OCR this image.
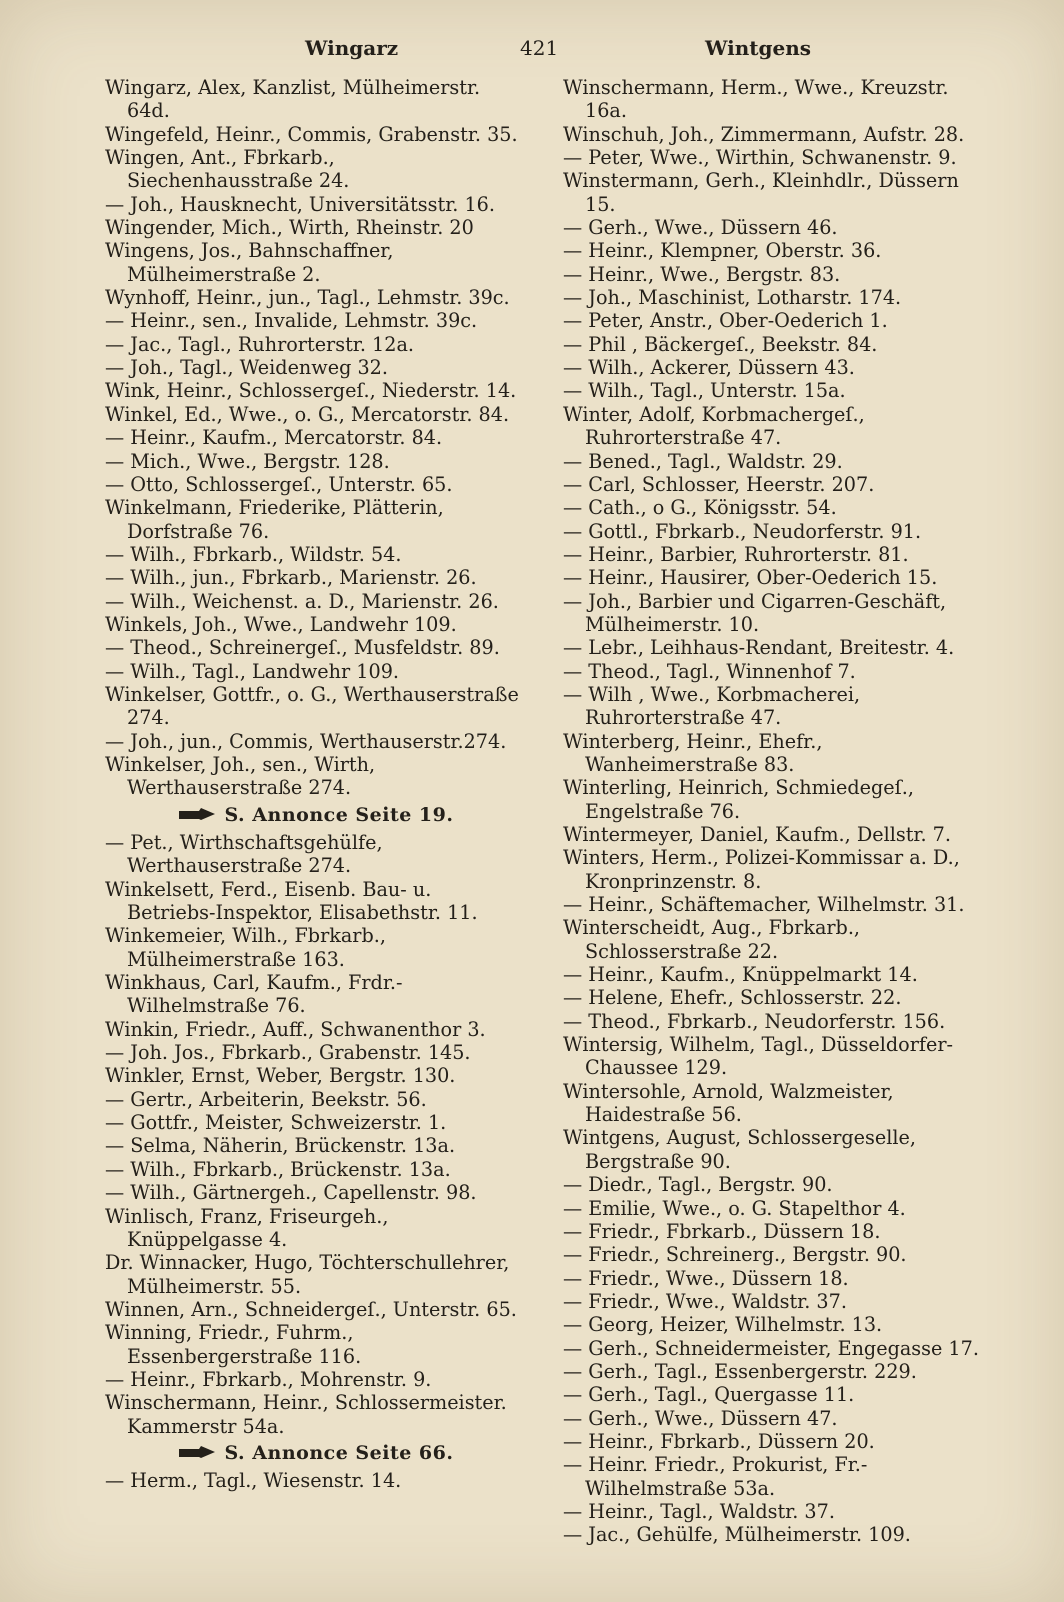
Wingarz	421	Wintgens
Wingarz, Alex, Kanzlist, Mülheimerstr. 64d.
Wingefeld, Heinr., Commis, Grabenstr. 35.
Wingen, Ant., Fbrkarb., Siechenhausstraße 24.
— Joh., Hausknecht, Universitätsstr. 16.
Wingender, Mich., Wirth, Rheinstr. 20
Wingens, Jos., Bahnschaffner, Mülheimerstraße 2.
Wynhoff, Heinr., jun., Tagl., Lehmstr. 39c.
— Heinr., sen., Invalide, Lehmstr. 39c.
— Jac., Tagl., Ruhrorterstr. 12a.
— Joh., Tagl., Weidenweg 32.
Wink, Heinr., Schlossergeſ., Niederstr. 14.
Winkel, Ed., Wwe., o. G., Mercatorstr. 84.
— Heinr., Kaufm., Mercatorstr. 84.
— Mich., Wwe., Bergstr. 128.
— Otto, Schlossergeſ., Unterstr. 65.
Winkelmann, Friederike, Plätterin, Dorfstraße 76.
— Wilh., Fbrkarb., Wildstr. 54.
— Wilh., jun., Fbrkarb., Marienstr. 26.
— Wilh., Weichenst. a. D., Marienstr. 26.
Winkels, Joh., Wwe., Landwehr 109.
— Theod., Schreinergeſ., Musfeldstr. 89.
— Wilh., Tagl., Landwehr 109.
Winkelser, Gottfr., o. G., Werthauserstraße 274.
— Joh., jun., Commis, Werthauserstr.274.
Winkelser, Joh., sen., Wirth, Werthauserstraße 274.
S. Annonce Seite 19.
— Pet., Wirthschaftsgehülfe, Werthauserstraße 274.
Winkelsett, Ferd., Eisenb. Bau- u. Betriebs-Inspektor, Elisabethstr. 11.
Winkemeier, Wilh., Fbrkarb., Mülheimerstraße 163.
Winkhaus, Carl, Kaufm., Frdr.-Wilhelmstraße 76.
Winkin, Friedr., Auff., Schwanenthor 3.
— Joh. Jos., Fbrkarb., Grabenstr. 145.
Winkler, Ernst, Weber, Bergstr. 130.
— Gertr., Arbeiterin, Beekstr. 56.
— Gottfr., Meister, Schweizerstr. 1.
— Selma, Näherin, Brückenstr. 13a.
— Wilh., Fbrkarb., Brückenstr. 13a.
— Wilh., Gärtnergeh., Capellenstr. 98.
Winlisch, Franz, Friseurgeh., Knüppelgasse 4.
Dr. Winnacker, Hugo, Töchterschullehrer, Mülheimerstr. 55.
Winnen, Arn., Schneidergeſ., Unterstr. 65.
Winning, Friedr., Fuhrm., Essenbergerstraße 116.
— Heinr., Fbrkarb., Mohrenstr. 9.
Winschermann, Heinr., Schlossermeister. Kammerstr 54a.
S. Annonce Seite 66.
— Herm., Tagl., Wiesenstr. 14.
Winschermann, Herm., Wwe., Kreuzstr. 16a.
Winschuh, Joh., Zimmermann, Aufstr. 28.
— Peter, Wwe., Wirthin, Schwanenstr. 9.
Winstermann, Gerh., Kleinhdlr., Düssern 15.
— Gerh., Wwe., Düssern 46.
— Heinr., Klempner, Oberstr. 36.
— Heinr., Wwe., Bergstr. 83.
— Joh., Maschinist, Lotharstr. 174.
— Peter, Anstr., Ober-Oederich 1.
— Phil , Bäckergeſ., Beekstr. 84.
— Wilh., Ackerer, Düssern 43.
— Wilh., Tagl., Unterstr. 15a.
Winter, Adolf, Korbmachergeſ., Ruhrorterstraße 47.
— Bened., Tagl., Waldstr. 29.
— Carl, Schlosser, Heerstr. 207.
— Cath., o G., Königsstr. 54.
— Gottl., Fbrkarb., Neudorferstr. 91.
— Heinr., Barbier, Ruhrorterstr. 81.
— Heinr., Hausirer, Ober-Oederich 15.
— Joh., Barbier und Cigarren-Geschäft, Mülheimerstr. 10.
— Lebr., Leihhaus-Rendant, Breitestr. 4.
— Theod., Tagl., Winnenhof 7.
— Wilh , Wwe., Korbmacherei, Ruhrorterstraße 47.
Winterberg, Heinr., Ehefr., Wanheimerstraße 83.
Winterling, Heinrich, Schmiedegeſ., Engelstraße 76.
Wintermeyer, Daniel, Kaufm., Dellstr. 7.
Winters, Herm., Polizei-Kommissar a. D., Kronprinzenstr. 8.
— Heinr., Schäftemacher, Wilhelmstr. 31.
Winterscheidt, Aug., Fbrkarb., Schlosserstraße 22.
— Heinr., Kaufm., Knüppelmarkt 14.
— Helene, Ehefr., Schlosserstr. 22.
— Theod., Fbrkarb., Neudorferstr. 156.
Wintersig, Wilhelm, Tagl., Düsseldorfer-Chaussee 129.
Wintersohle, Arnold, Walzmeister, Haidestraße 56.
Wintgens, August, Schlossergeselle, Bergstraße 90.
— Diedr., Tagl., Bergstr. 90.
— Emilie, Wwe., o. G. Stapelthor 4.
— Friedr., Fbrkarb., Düssern 18.
— Friedr., Schreinerg., Bergstr. 90.
— Friedr., Wwe., Düssern 18.
— Friedr., Wwe., Waldstr. 37.
— Georg, Heizer, Wilhelmstr. 13.
— Gerh., Schneidermeister, Engegasse 17.
— Gerh., Tagl., Essenbergerstr. 229.
— Gerh., Tagl., Quergasse 11.
— Gerh., Wwe., Düssern 47.
— Heinr., Fbrkarb., Düssern 20.
— Heinr. Friedr., Prokurist, Fr.-Wilhelmstraße 53a.
— Heinr., Tagl., Waldstr. 37.
— Jac., Gehülfe, Mülheimerstr. 109.
